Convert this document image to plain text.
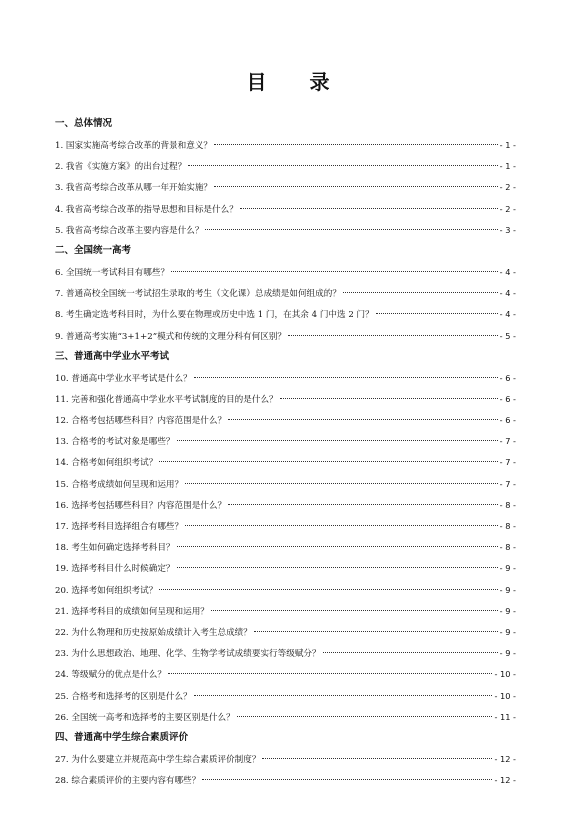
目 录
一、总体情况
1. 国家实施高考综合改革的背景和意义？	- 1 -
2. 我省《实施方案》的出台过程？	- 1 -
3. 我省高考综合改革从哪一年开始实施？	- 2 -
4. 我省高考综合改革的指导思想和目标是什么？	- 2 -
5. 我省高考综合改革主要内容是什么？	- 3 -
二、全国统一高考
6. 全国统一考试科目有哪些？	- 4 -
7. 普通高校全国统一考试招生录取的考生（文化课）总成绩是如何组成的？	- 4 -
8. 考生确定选考科目时，为什么要在物理或历史中选 1 门，在其余 4 门中选 2 门？	- 4 -
9. 普通高考实施“3+1+2”模式和传统的文理分科有何区别？	- 5 -
三、普通高中学业水平考试
10. 普通高中学业水平考试是什么？	- 6 -
11. 完善和强化普通高中学业水平考试制度的目的是什么？	- 6 -
12. 合格考包括哪些科目？内容范围是什么？	- 6 -
13. 合格考的考试对象是哪些？	- 7 -
14. 合格考如何组织考试？	- 7 -
15. 合格考成绩如何呈现和运用？	- 7 -
16. 选择考包括哪些科目？内容范围是什么？	- 8 -
17. 选择考科目选择组合有哪些？	- 8 -
18. 考生如何确定选择考科目？	- 8 -
19. 选择考科目什么时候确定？	- 9 -
20. 选择考如何组织考试？	- 9 -
21. 选择考科目的成绩如何呈现和运用？	- 9 -
22. 为什么物理和历史按原始成绩计入考生总成绩？	- 9 -
23. 为什么思想政治、地理、化学、生物学考试成绩要实行等级赋分？	- 9 -
24. 等级赋分的优点是什么？	- 10 -
25. 合格考和选择考的区别是什么？	- 10 -
26. 全国统一高考和选择考的主要区别是什么？	- 11 -
四、普通高中学生综合素质评价
27. 为什么要建立并规范高中学生综合素质评价制度？	- 12 -
28. 综合素质评价的主要内容有哪些？	- 12 -
